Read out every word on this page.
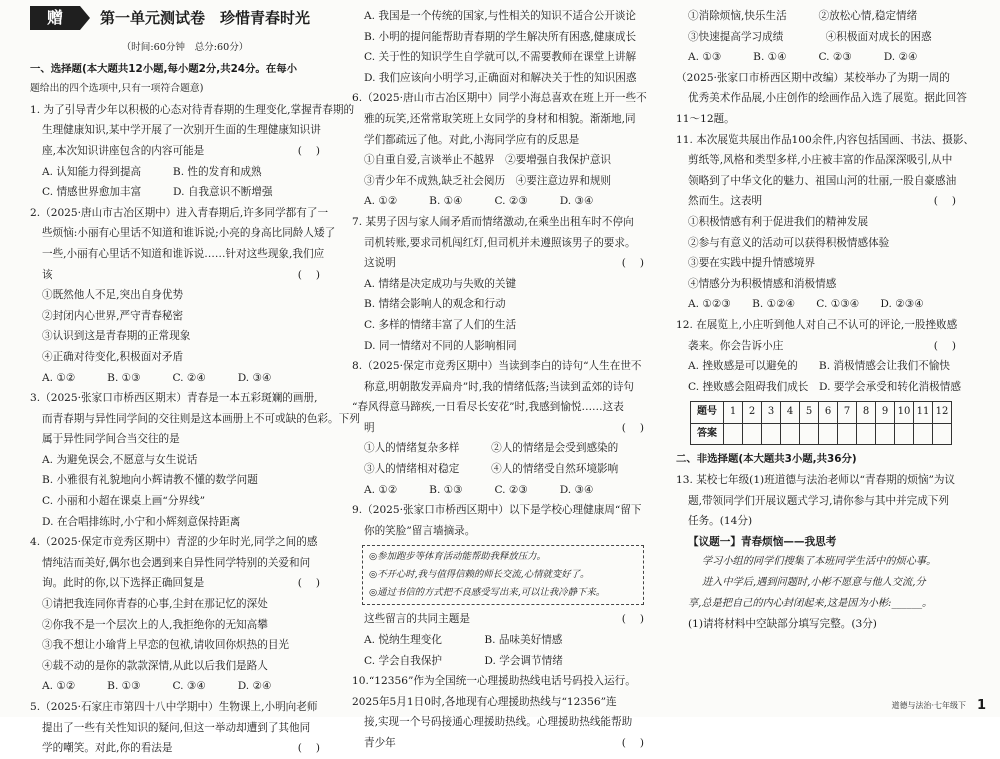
赠	第一单元测试卷　珍惜青春时光
（时间:60分钟　总分:60分）
一、选择题(本大题共12小题,每小题2分,共24分。在每小
题给出的四个选项中,只有一项符合题意)
1. 为了引导青少年以积极的心态对待青春期的生理变化,掌握青春期的
生理健康知识,某中学开展了一次别开生面的生理健康知识讲
座,本次知识讲座包含的内容可能是	()
A. 认知能力得到提高　　　B. 性的发育和成熟
C. 情感世界愈加丰富　　　D. 自我意识不断增强
2.（2025·唐山市古冶区期中）进入青春期后,许多同学都有了一
些烦恼:小丽有心里话不知道和谁诉说;小亮的身高比同龄人矮了
一些,小丽有心里话不知道和谁诉说……针对这些现象,我们应
该	()
①既然他人不足,突出自身优势
②封闭内心世界,严守青春秘密
③认识到这是青春期的正常现象
④正确对待变化,积极面对矛盾
A. ①②　　　B. ①③　　　C. ②④　　　D. ③④
3.（2025·张家口市桥西区期末）青春是一本五彩斑斓的画册,
而青春期与异性同学间的交往则是这本画册上不可或缺的色彩。下列
属于异性同学间合当交往的是
A. 为避免误会,不愿意与女生说话
B. 小雅很有礼貌地向小辉请教不懂的数学问题
C. 小丽和小超在课桌上画“分界线”
D. 在合唱排练时,小宁和小辉刻意保持距离
4.（2025·保定市竞秀区期中）青涩的少年时光,同学之间的感
情纯洁而美好,偶尔也会遇到来自异性同学特别的关爱和问
询。此时的你,以下选择正确回复是	()
①请把我连同你青春的心事,尘封在那记忆的深处
②你我不是一个层次上的人,我拒绝你的无知高攀
③我不想让小瑜背上早恋的包袱,请收回你炽热的目光
④载不动的是你的款款深情,从此以后我们是路人
A. ①②　　　B. ①③　　　C. ③④　　　D. ②④
5.（2025·石家庄市第四十八中学期中）生物课上,小明向老师
提出了一些有关性知识的疑问,但这一举动却遭到了其他同
学的嘲笑。对此,你的看法是	()
A. 我国是一个传统的国家,与性相关的知识不适合公开谈论
B. 小明的提问能帮助青春期的学生解决所有困惑,健康成长
C. 关于性的知识学生自学就可以,不需要教师在课堂上讲解
D. 我们应该向小明学习,正确面对和解决关于性的知识困惑
6.（2025·唐山市古冶区期中）同学小海总喜欢在班上开一些不
雅的玩笑,还常常取笑班上女同学的身材和相貌。渐渐地,同
学们都疏远了他。对此,小海同学应有的反思是
①自重自爱,言谈举止不越界　②要增强自我保护意识
③青少年不成熟,缺乏社会阅历　④要注意边界和规则
A. ①②　　　B. ①④　　　C. ②③　　　D. ③④
7. 某男子因与家人闹矛盾而情绪激动,在乘坐出租车时不停向
司机转账,要求司机闯红灯,但司机并未遵照该男子的要求。
这说明	()
A. 情绪是决定成功与失败的关键
B. 情绪会影响人的观念和行动
C. 多样的情绪丰富了人们的生活
D. 同一情绪对不同的人影响相同
8.（2025·保定市竞秀区期中）当读到李白的诗句“人生在世不
称意,明朝散发弄扁舟”时,我的情绪低落;当读到孟郊的诗句
“春风得意马蹄疾,一日看尽长安花”时,我感到愉悦……这表
明	()
①人的情绪复杂多样　　　②人的情绪是会受到感染的
③人的情绪相对稳定　　　④人的情绪受自然环境影响
A. ①②　　　B. ①③　　　C. ②③　　　D. ③④
9.（2025·张家口市桥西区期中）以下是学校心理健康周“留下
你的笑脸”留言墙摘录。
◎参加跑步等体育活动能帮助我释放压力。
◎不开心时,我与值得信赖的师长交流,心情就变好了。
◎通过书信的方式把不良感受写出来,可以让我冷静下来。
这些留言的共同主题是	()
A. 悦纳生理变化　　　　B. 品味美好情感
C. 学会自我保护　　　　D. 学会调节情绪
10.“12356”作为全国统一心理援助热线电话号码投入运行。
2025年5月1日0时,各地现有心理援助热线与“12356”连
接,实现一个号码接通心理援助热线。心理援助热线能帮助
青少年	()
①消除烦恼,快乐生活　　　②放松心情,稳定情绪
③快速提高学习成绩　　　　④积极面对成长的困惑
A. ①③　　　B. ①④　　　C. ②③　　　D. ②④
（2025·张家口市桥西区期中改编）某校举办了为期一周的
优秀美术作品展,小庄创作的绘画作品入选了展览。据此回答
11～12题。
11. 本次展览共展出作品100余件,内容包括国画、书法、摄影、
剪纸等,风格和类型多样,小庄被丰富的作品深深吸引,从中
领略到了中华文化的魅力、祖国山河的壮丽,一股自豪感油
然而生。这表明	()
①积极情感有利于促进我们的精神发展
②参与有意义的活动可以获得积极情感体验
③要在实践中提升情感境界
④情感分为积极情感和消极情感
A. ①②③　　B. ①②④　　C. ①③④　　D. ②③④
12. 在展览上,小庄听到他人对自己不认可的评论,一股挫败感
袭来。你会告诉小庄	()
A. 挫败感是可以避免的　　B. 消极情感会让我们不愉快
C. 挫败感会阻碍我们成长　D. 要学会承受和转化消极情感
题号	1	2	3	4	5	6	7	8	9	10	11	12
答案												
二、非选择题(本大题共3小题,共36分)
13. 某校七年级(1)班道德与法治老师以“青春期的烦恼”为议
题,带领同学们开展议题式学习,请你参与其中并完成下列
任务。(14分)
【议题一】青春烦恼——我思考
学习小组的同学们搜集了本班同学生活中的烦心事。
进入中学后,遇到问题时,小彬不愿意与他人交流,分
享,总是把自己的内心封闭起来,这是因为小彬:______。
(1)请将材料中空缺部分填写完整。(3分)
道德与法治·七年级下 1
